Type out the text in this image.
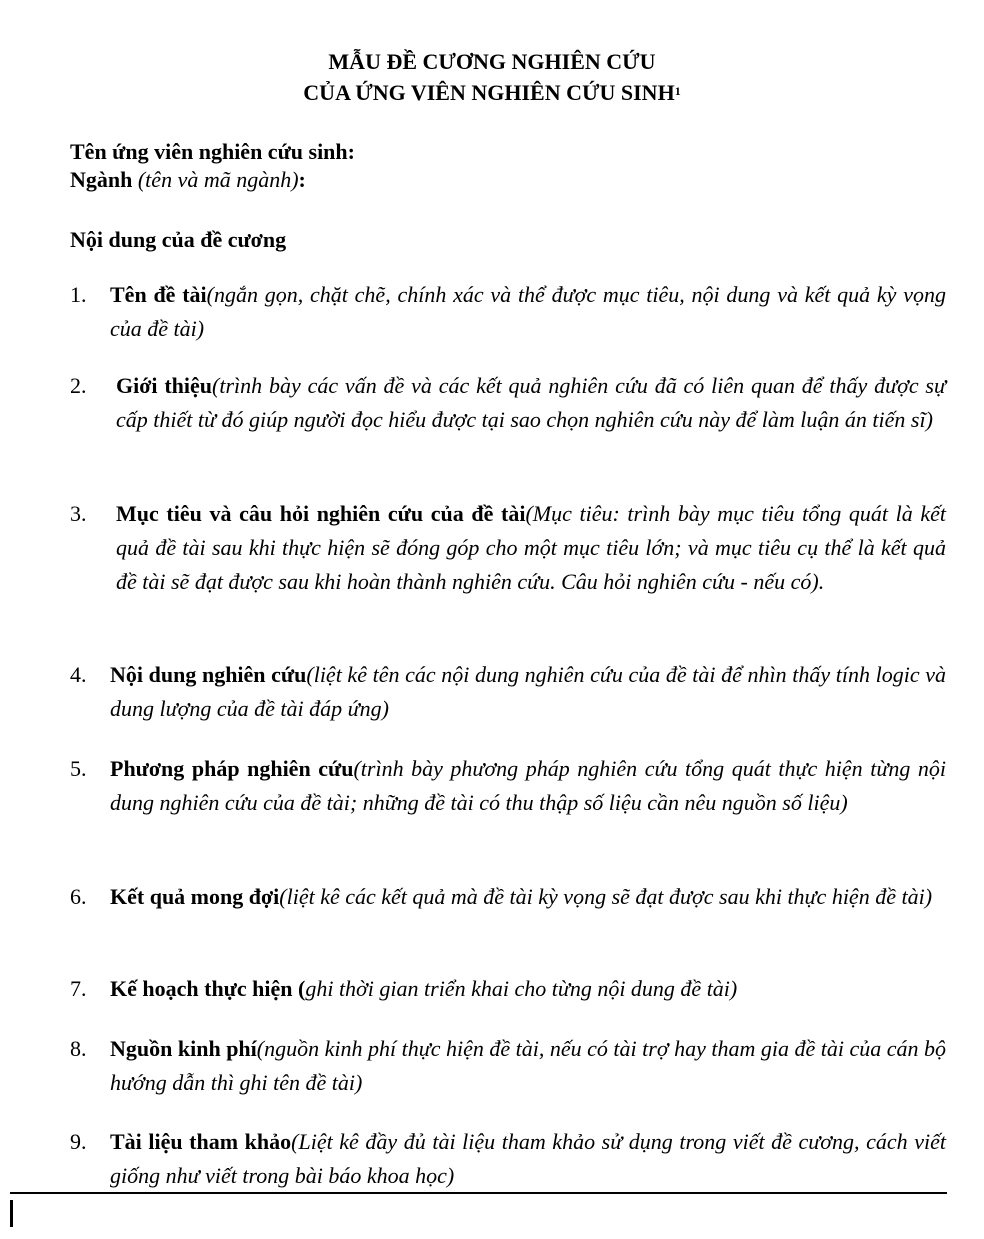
MẪU ĐỀ CƯƠNG NGHIÊN CỨU
CỦA ỨNG VIÊN NGHIÊN CỨU SINH$^1$
Tên ứng viên nghiên cứu sinh:
Ngành (tên và mã ngành):
Nội dung của đề cương
1. Tên đề tài(ngắn gọn, chặt chẽ, chính xác và thể được mục tiêu, nội dung và kết quả kỳ vọng của đề tài)
2. Giới thiệu(trình bày các vấn đề và các kết quả nghiên cứu đã có liên quan để thấy được sự cấp thiết từ đó giúp người đọc hiểu được tại sao chọn nghiên cứu này để làm luận án tiến sĩ)
3. Mục tiêu và câu hỏi nghiên cứu của đề tài(Mục tiêu: trình bày mục tiêu tổng quát là kết quả đề tài sau khi thực hiện sẽ đóng góp cho một mục tiêu lớn; và mục tiêu cụ thể là kết quả đề tài sẽ đạt được sau khi hoàn thành nghiên cứu. Câu hỏi nghiên cứu - nếu có).
4. Nội dung nghiên cứu(liệt kê tên các nội dung nghiên cứu của đề tài để nhìn thấy tính logic và dung lượng của đề tài đáp ứng)
5. Phương pháp nghiên cứu(trình bày phương pháp nghiên cứu tổng quát thực hiện từng nội dung nghiên cứu của đề tài; những đề tài có thu thập số liệu cần nêu nguồn số liệu)
6. Kết quả mong đợi(liệt kê các kết quả mà đề tài kỳ vọng sẽ đạt được sau khi thực hiện đề tài)
7. Kế hoạch thực hiện (ghi thời gian triển khai cho từng nội dung đề tài)
8. Nguồn kinh phí(nguồn kinh phí thực hiện đề tài, nếu có tài trợ hay tham gia đề tài của cán bộ hướng dẫn thì ghi tên đề tài)
9. Tài liệu tham khảo(Liệt kê đầy đủ tài liệu tham khảo sử dụng trong viết đề cương, cách viết giống như viết trong bài báo khoa học)
